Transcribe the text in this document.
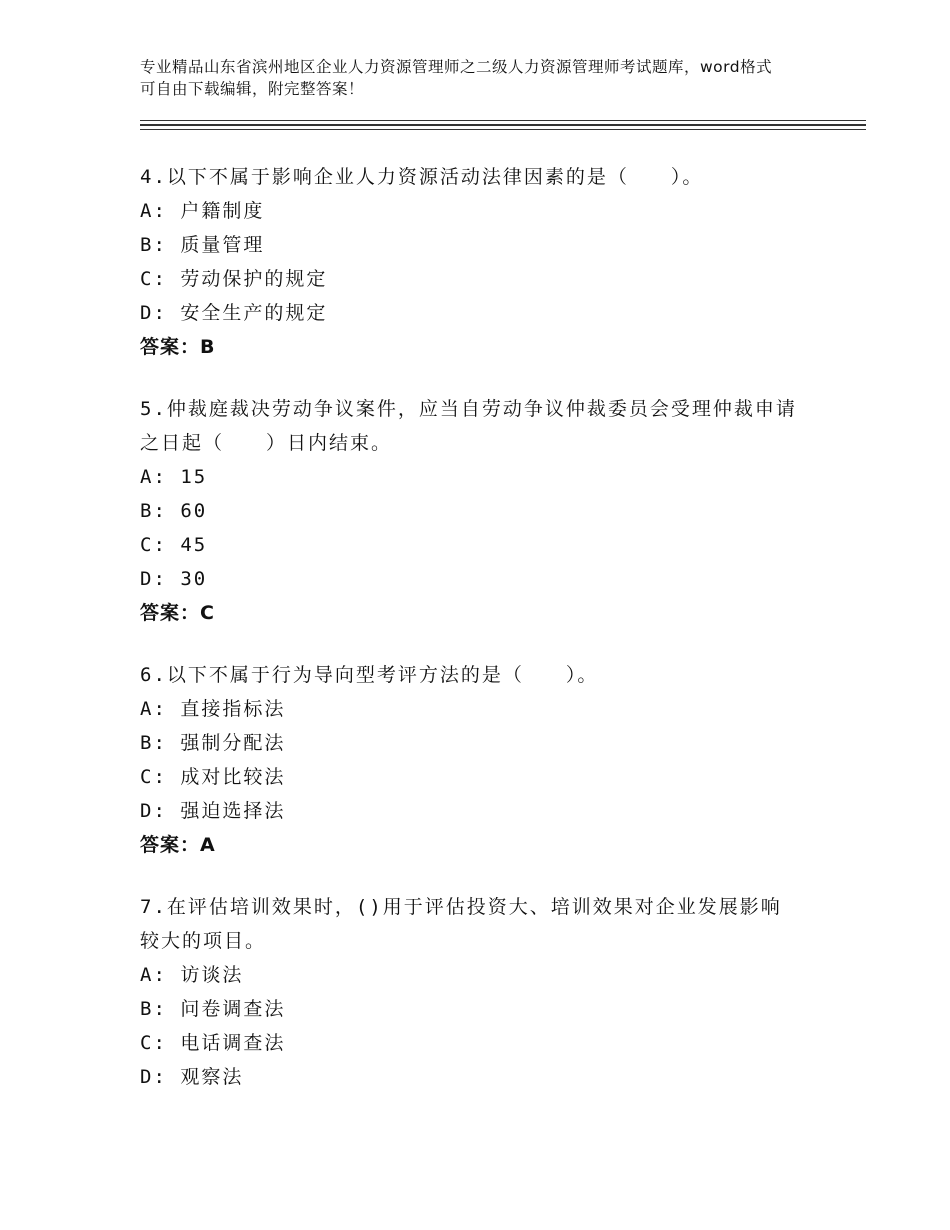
专业精品山东省滨州地区企业人力资源管理师之二级人力资源管理师考试题库，word格式可自由下载编辑，附完整答案！
4.以下不属于影响企业人力资源活动法律因素的是（　　）。
A: 户籍制度
B: 质量管理
C: 劳动保护的规定
D: 安全生产的规定
答案：B
5.仲裁庭裁决劳动争议案件，应当自劳动争议仲裁委员会受理仲裁申请之日起（　　）日内结束。
A: 15
B: 60
C: 45
D: 30
答案：C
6.以下不属于行为导向型考评方法的是（　　）。
A: 直接指标法
B: 强制分配法
C: 成对比较法
D: 强迫选择法
答案：A
7.在评估培训效果时，()用于评估投资大、培训效果对企业发展影响较大的项目。
A: 访谈法
B: 问卷调查法
C: 电话调查法
D: 观察法
